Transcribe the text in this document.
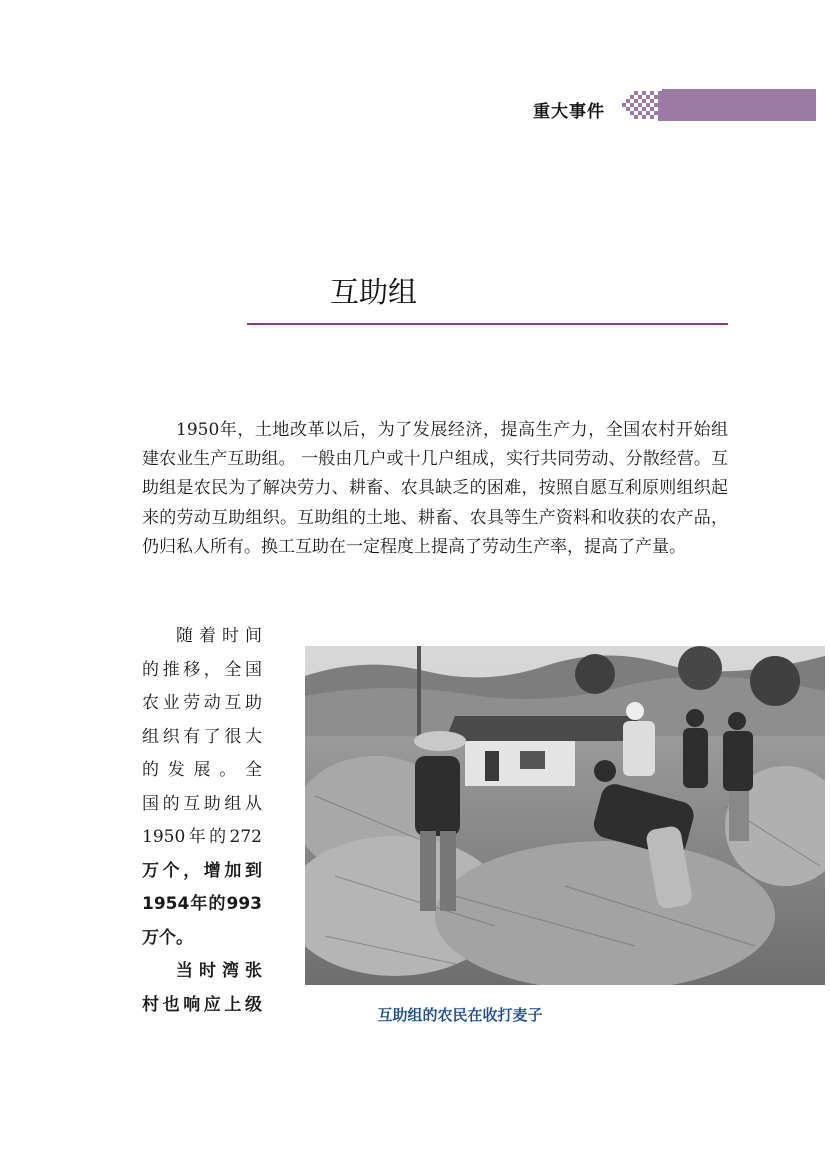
重大事件
互助组

1950年，土地改革以后，为了发展经济，提高生产力，全国农村开始组建农业生产互助组。 一般由几户或十几户组成，实行共同劳动、分散经营。互助组是农民为了解决劳力、耕畜、农具缺乏的困难，按照自愿互利原则组织起来的劳动互助组织。互助组的土地、耕畜、农具等生产资料和收获的农产品，仍归私人所有。换工互助在一定程度上提高了劳动生产率，提高了产量。

随着时间
的推移，全国
农业劳动互助
组织有了很大
的发展。全
国的互助组从
1950年的272
万个，增加到
1954年的993
万个。
当时湾张
村也响应上级
互助组的农民在收打麦子
